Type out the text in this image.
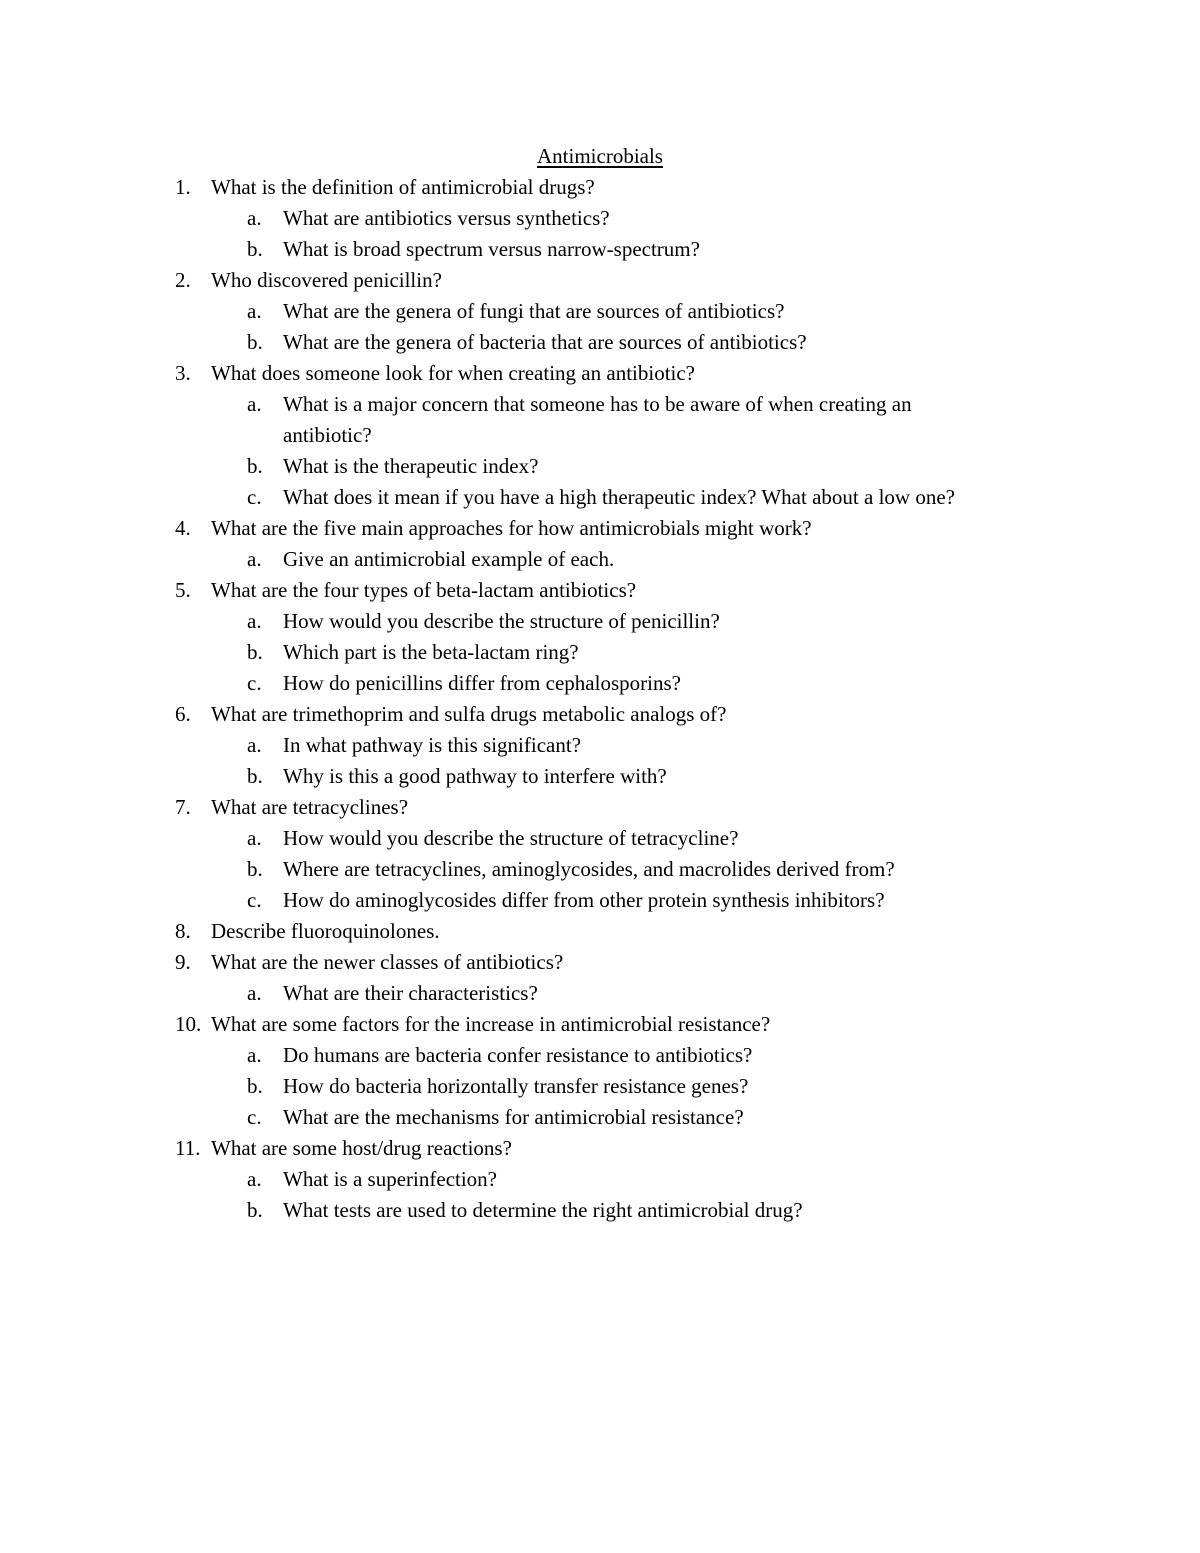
Antimicrobials
1. What is the definition of antimicrobial drugs?
a. What are antibiotics versus synthetics?
b. What is broad spectrum versus narrow-spectrum?
2. Who discovered penicillin?
a. What are the genera of fungi that are sources of antibiotics?
b. What are the genera of bacteria that are sources of antibiotics?
3. What does someone look for when creating an antibiotic?
a. What is a major concern that someone has to be aware of when creating an
antibiotic?
b. What is the therapeutic index?
c. What does it mean if you have a high therapeutic index? What about a low one?
4. What are the five main approaches for how antimicrobials might work?
a. Give an antimicrobial example of each.
5. What are the four types of beta-lactam antibiotics?
a. How would you describe the structure of penicillin?
b. Which part is the beta-lactam ring?
c. How do penicillins differ from cephalosporins?
6. What are trimethoprim and sulfa drugs metabolic analogs of?
a. In what pathway is this significant?
b. Why is this a good pathway to interfere with?
7. What are tetracyclines?
a. How would you describe the structure of tetracycline?
b. Where are tetracyclines, aminoglycosides, and macrolides derived from?
c. How do aminoglycosides differ from other protein synthesis inhibitors?
8. Describe fluoroquinolones.
9. What are the newer classes of antibiotics?
a. What are their characteristics?
10. What are some factors for the increase in antimicrobial resistance?
a. Do humans are bacteria confer resistance to antibiotics?
b. How do bacteria horizontally transfer resistance genes?
c. What are the mechanisms for antimicrobial resistance?
11. What are some host/drug reactions?
a. What is a superinfection?
b. What tests are used to determine the right antimicrobial drug?
